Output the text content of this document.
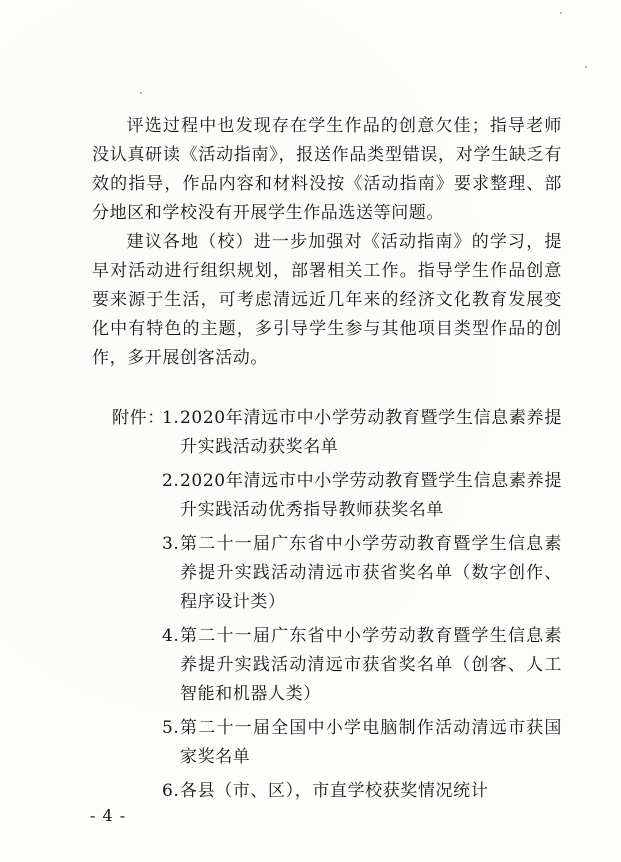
评选过程中也发现存在学生作品的创意欠佳；指导老师没认真研读《活动指南》，报送作品类型错误，对学生缺乏有效的指导，作品内容和材料没按《活动指南》要求整理、部分地区和学校没有开展学生作品选送等问题。

建议各地（校）进一步加强对《活动指南》的学习，提早对活动进行组织规划，部署相关工作。指导学生作品创意要来源于生活，可考虑清远近几年来的经济文化教育发展变化中有特色的主题，多引导学生参与其他项目类型作品的创作，多开展创客活动。

附件：
1. 2020年清远市中小学劳动教育暨学生信息素养提升实践活动获奖名单
2. 2020年清远市中小学劳动教育暨学生信息素养提升实践活动优秀指导教师获奖名单
3. 第二十一届广东省中小学劳动教育暨学生信息素养提升实践活动清远市获省奖名单（数字创作、程序设计类）
4. 第二十一届广东省中小学劳动教育暨学生信息素养提升实践活动清远市获省奖名单（创客、人工智能和机器人类）
5. 第二十一届全国中小学电脑制作活动清远市获国家奖名单
6. 各县（市、区），市直学校获奖情况统计
- 4 -
